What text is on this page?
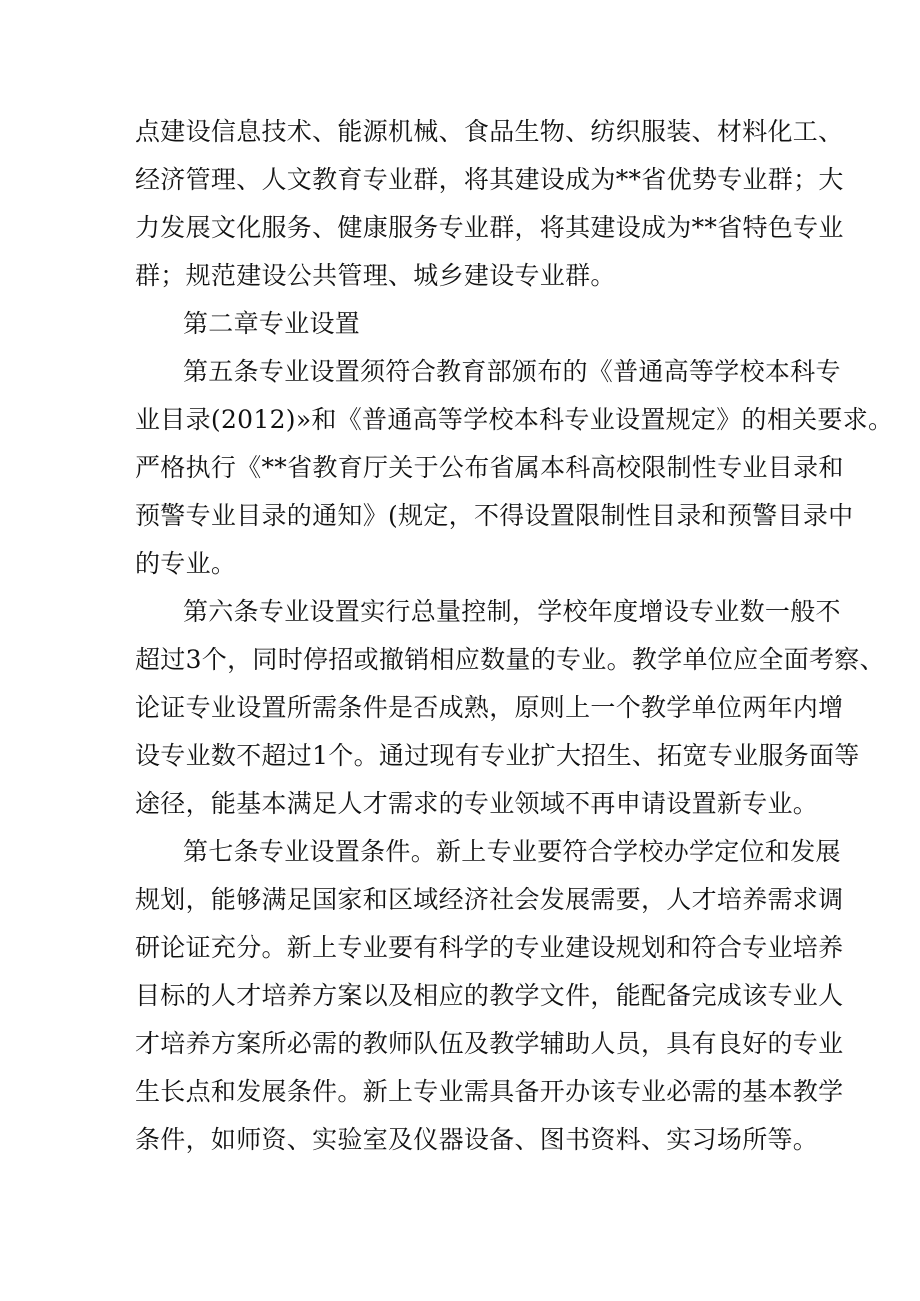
点建设信息技术、能源机械、食品生物、纺织服装、材料化工、
经济管理、人文教育专业群，将其建设成为**省优势专业群；大
力发展文化服务、健康服务专业群，将其建设成为**省特色专业
群；规范建设公共管理、城乡建设专业群。
第二章专业设置
第五条专业设置须符合教育部颁布的《普通高等学校本科专
业目录(2012)»和《普通高等学校本科专业设置规定》的相关要求。
严格执行《**省教育厅关于公布省属本科高校限制性专业目录和
预警专业目录的通知》(规定，不得设置限制性目录和预警目录中
的专业。
第六条专业设置实行总量控制，学校年度增设专业数一般不
超过3个，同时停招或撤销相应数量的专业。教学单位应全面考察、
论证专业设置所需条件是否成熟，原则上一个教学单位两年内增
设专业数不超过1个。通过现有专业扩大招生、拓宽专业服务面等
途径，能基本满足人才需求的专业领域不再申请设置新专业。
第七条专业设置条件。新上专业要符合学校办学定位和发展
规划，能够满足国家和区域经济社会发展需要，人才培养需求调
研论证充分。新上专业要有科学的专业建设规划和符合专业培养
目标的人才培养方案以及相应的教学文件，能配备完成该专业人
才培养方案所必需的教师队伍及教学辅助人员，具有良好的专业
生长点和发展条件。新上专业需具备开办该专业必需的基本教学
条件，如师资、实验室及仪器设备、图书资料、实习场所等。
